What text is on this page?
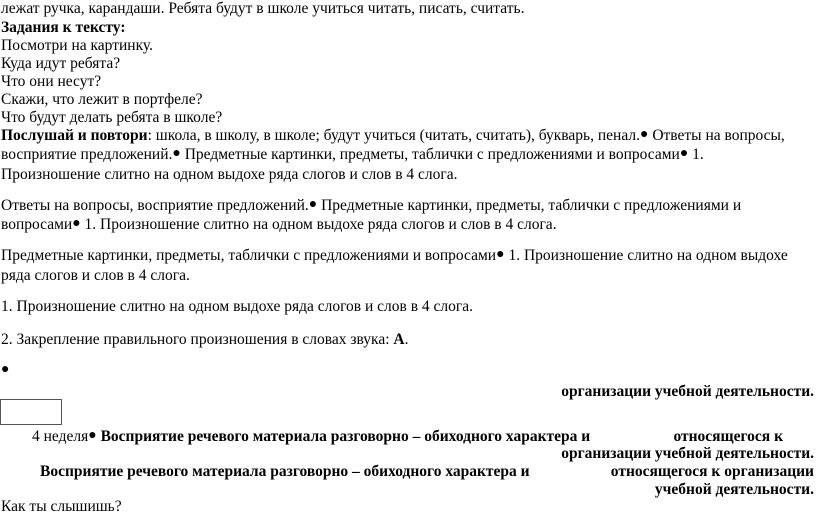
лежат ручка, карандаши. Ребята будут в школе учиться читать, писать, считать.
Задания к тексту:
Посмотри на картинку.
Куда идут ребята?
Что они несут?
Скажи, что лежит в портфеле?
Что будут делать ребята в школе?
Послушай и повтори: школа, в школу, в школе; будут учиться (читать, считать), букварь, пенал.● Ответы на вопросы,
восприятие предложений.● Предметные картинки, предметы, таблички с предложениями и вопросами● 1.
Произношение слитно на одном выдохе ряда слогов и слов в 4 слога.
Ответы на вопросы, восприятие предложений.● Предметные картинки, предметы, таблички с предложениями и
вопросами● 1. Произношение слитно на одном выдохе ряда слогов и слов в 4 слога.
Предметные картинки, предметы, таблички с предложениями и вопросами● 1. Произношение слитно на одном выдохе
ряда слогов и слов в 4 слога.
1. Произношение слитно на одном выдохе ряда слогов и слов в 4 слога.
2. Закрепление правильного произношения в словах звука: А.
●
организации учебной деятельности.
4 неделя● Восприятие речевого материала разговорно – обиходного характера и	относящегося к
организации учебной деятельности.
Восприятие речевого материала разговорно – обиходного характера и	относящегося к организации
учебной деятельности.
Как ты слышишь?
